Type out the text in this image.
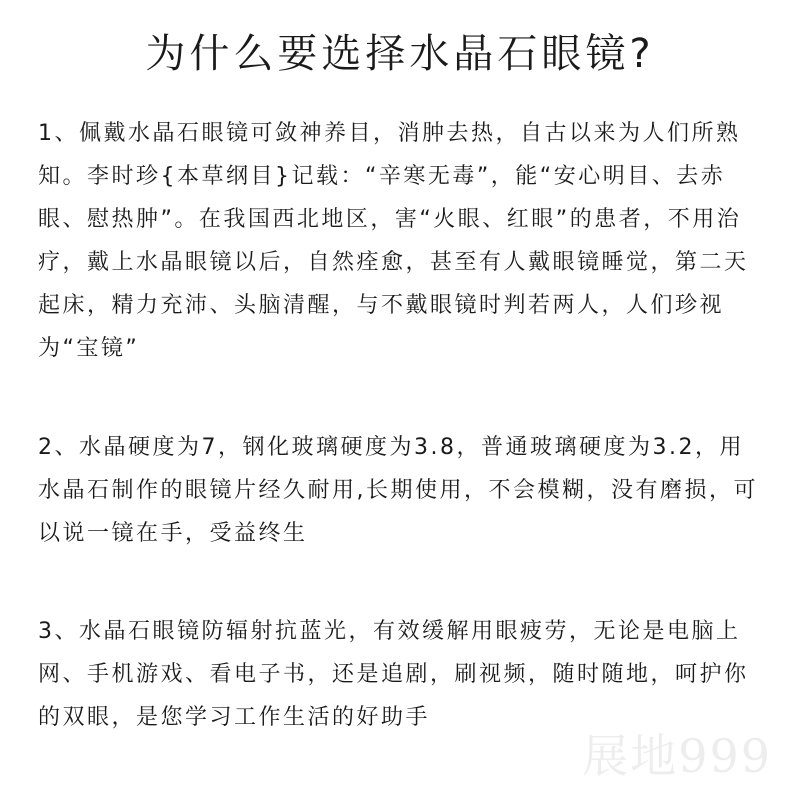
为什么要选择水晶石眼镜?

1、佩戴水晶石眼镜可敛神养目，消肿去热，自古以来为人们所熟知。李时珍{本草纲目}记载：“辛寒无毒”，能“安心明目、去赤眼、慰热肿”。在我国西北地区，害“火眼、红眼”的患者，不用治疗，戴上水晶眼镜以后，自然痊愈，甚至有人戴眼镜睡觉，第二天起床，精力充沛、头脑清醒，与不戴眼镜时判若两人，人们珍视为“宝镜”

2、水晶硬度为7，钢化玻璃硬度为3.8，普通玻璃硬度为3.2，用水晶石制作的眼镜片经久耐用,长期使用，不会模糊，没有磨损，可以说一镜在手，受益终生

3、水晶石眼镜防辐射抗蓝光，有效缓解用眼疲劳，无论是电脑上网、手机游戏、看电子书，还是追剧，刷视频，随时随地，呵护你的双眼，是您学习工作生活的好助手

展地999
